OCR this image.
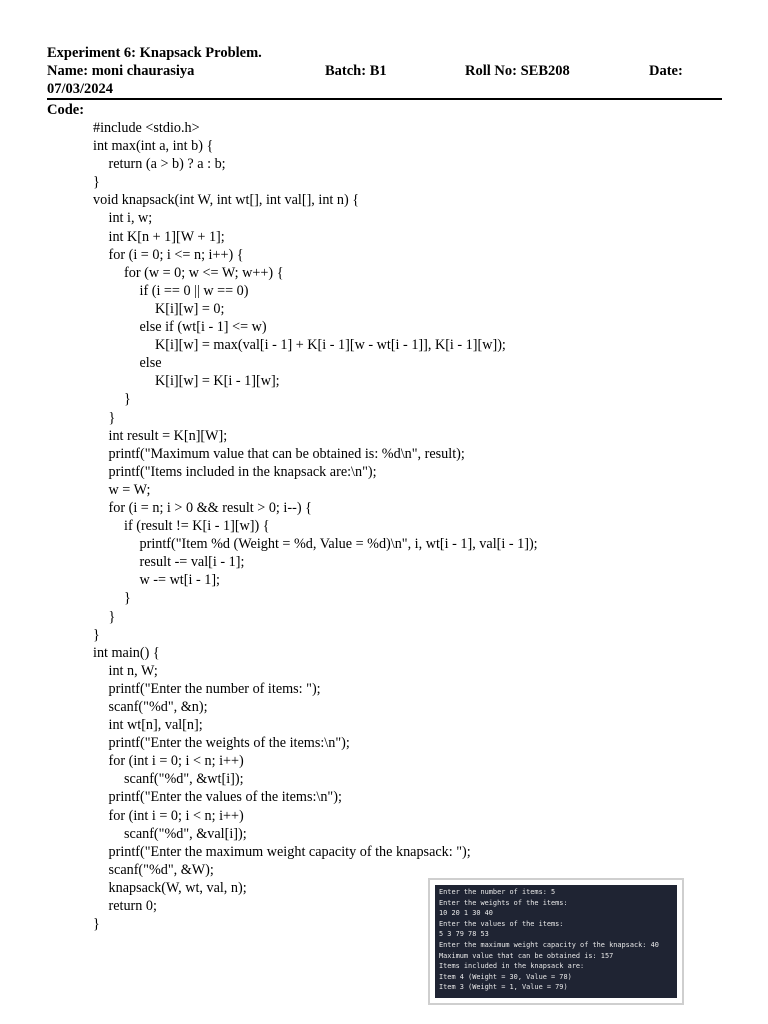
Experiment 6: Knapsack Problem.
Name: moni chaurasiya	Batch: B1	Roll No: SEB208	Date:
07/03/2024
Code:
#include <stdio.h>
int max(int a, int b) {
return (a > b) ? a : b;
}
void knapsack(int W, int wt[], int val[], int n) {
int i, w;
int K[n + 1][W + 1];
for (i = 0; i <= n; i++) {
for (w = 0; w <= W; w++) {
if (i == 0 || w == 0)
K[i][w] = 0;
else if (wt[i - 1] <= w)
K[i][w] = max(val[i - 1] + K[i - 1][w - wt[i - 1]], K[i - 1][w]);
else
K[i][w] = K[i - 1][w];
}
}
int result = K[n][W];
printf("Maximum value that can be obtained is: %d\n", result);
printf("Items included in the knapsack are:\n");
w = W;
for (i = n; i > 0 && result > 0; i--) {
if (result != K[i - 1][w]) {
printf("Item %d (Weight = %d, Value = %d)\n", i, wt[i - 1], val[i - 1]);
result -= val[i - 1];
w -= wt[i - 1];
}
}
}
int main() {
int n, W;
printf("Enter the number of items: ");
scanf("%d", &n);
int wt[n], val[n];
printf("Enter the weights of the items:\n");
for (int i = 0; i < n; i++)
scanf("%d", &wt[i]);
printf("Enter the values of the items:\n");
for (int i = 0; i < n; i++)
scanf("%d", &val[i]);
printf("Enter the maximum weight capacity of the knapsack: ");
scanf("%d", &W);
knapsack(W, wt, val, n);
return 0;
}
Enter the number of items: 5
Enter the weights of the items:
10 20 1 30 40
Enter the values of the items:
5 3 79 78 53
Enter the maximum weight capacity of the knapsack: 40
Maximum value that can be obtained is: 157
Items included in the knapsack are:
Item 4 (Weight = 30, Value = 78)
Item 3 (Weight = 1, Value = 79)
